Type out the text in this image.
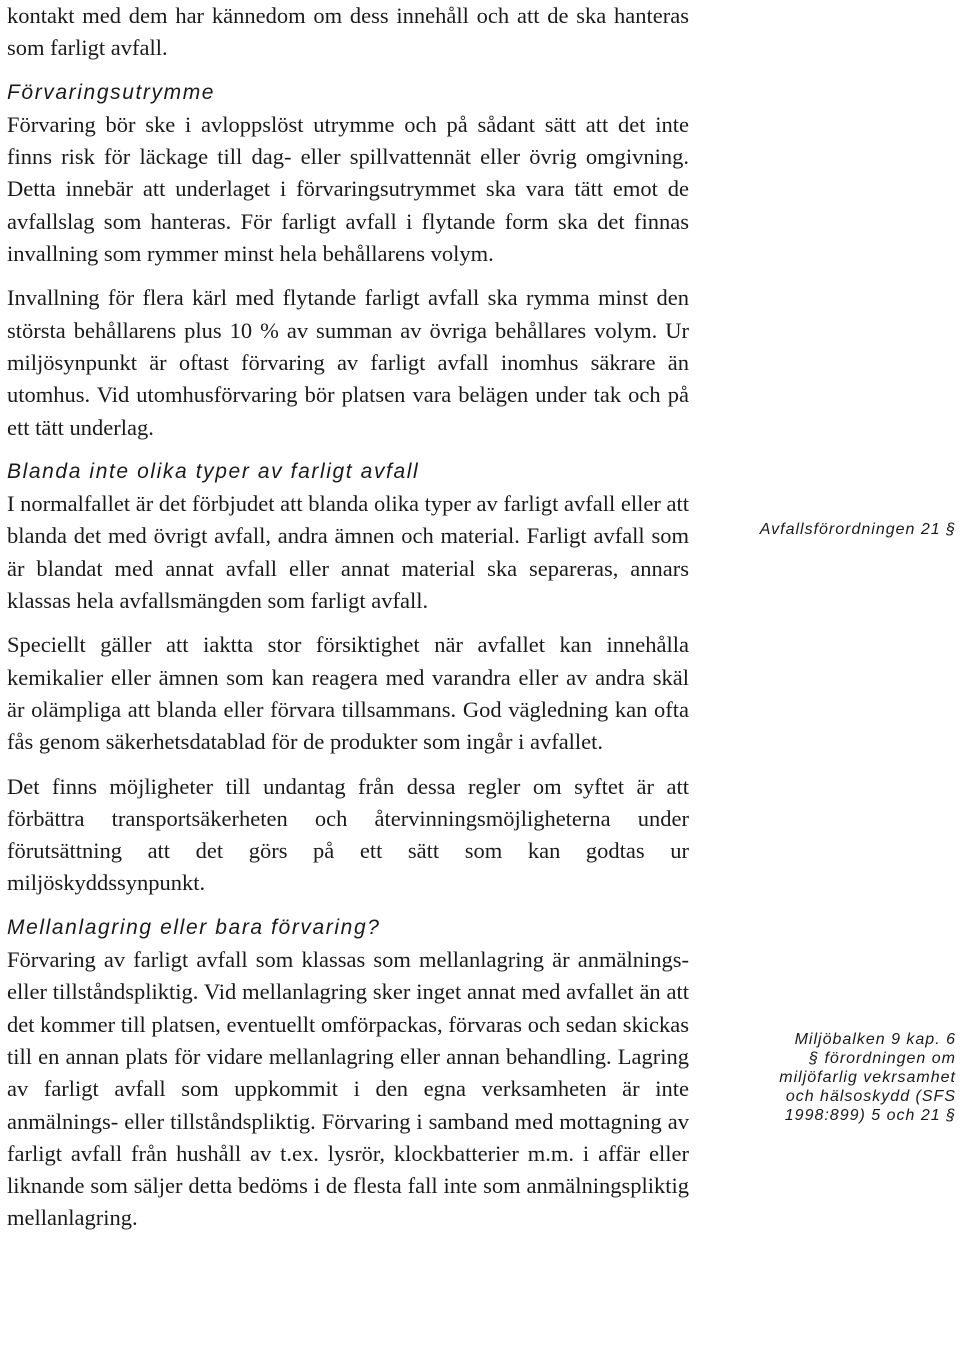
kontakt med dem har kännedom om dess innehåll och att de ska hanteras som farligt avfall.

Förvaringsutrymme

Förvaring bör ske i avloppslöst utrymme och på sådant sätt att det inte finns risk för läckage till dag- eller spillvattennät eller övrig omgivning. Detta innebär att underlaget i förvaringsutrymmet ska vara tätt emot de avfallslag som hanteras. För farligt avfall i flytande form ska det finnas invallning som rymmer minst hela behållarens volym.

Invallning för flera kärl med flytande farligt avfall ska rymma minst den största behållarens plus 10 % av summan av övriga behållares volym. Ur miljösynpunkt är oftast förvaring av farligt avfall inomhus säkrare än utomhus. Vid utomhusförvaring bör platsen vara belägen under tak och på ett tätt underlag.

Blanda inte olika typer av farligt avfall

I normalfallet är det förbjudet att blanda olika typer av farligt avfall eller att blanda det med övrigt avfall, andra ämnen och material. Farligt avfall som är blandat med annat avfall eller annat material ska separeras, annars klassas hela avfallsmängden som farligt avfall.

Speciellt gäller att iaktta stor försiktighet när avfallet kan innehålla kemikalier eller ämnen som kan reagera med varandra eller av andra skäl är olämpliga att blanda eller förvara tillsammans. God vägledning kan ofta fås genom säkerhetsdatablad för de produkter som ingår i avfallet.

Det finns möjligheter till undantag från dessa regler om syftet är att förbättra transportsäkerheten och återvinningsmöjligheterna under förutsättning att det görs på ett sätt som kan godtas ur miljöskyddssynpunkt.

Mellanlagring eller bara förvaring?

Förvaring av farligt avfall som klassas som mellanlagring är anmälnings- eller tillståndspliktig. Vid mellanlagring sker inget annat med avfallet än att det kommer till platsen, eventuellt omförpackas, förvaras och sedan skickas till en annan plats för vidare mellanlagring eller annan behandling. Lagring av farligt avfall som uppkommit i den egna verksamheten är inte anmälnings- eller tillståndspliktig. Förvaring i samband med mottagning av farligt avfall från hushåll av t.ex. lysrör, klockbatterier m.m. i affär eller liknande som säljer detta bedöms i de flesta fall inte som anmälningspliktig mellanlagring.

Avfallsförordningen 21 §
Miljöbalken 9 kap. 6
§ förordningen om
miljöfarlig vekrsamhet
och hälsoskydd (SFS
1998:899) 5 och 21 §
